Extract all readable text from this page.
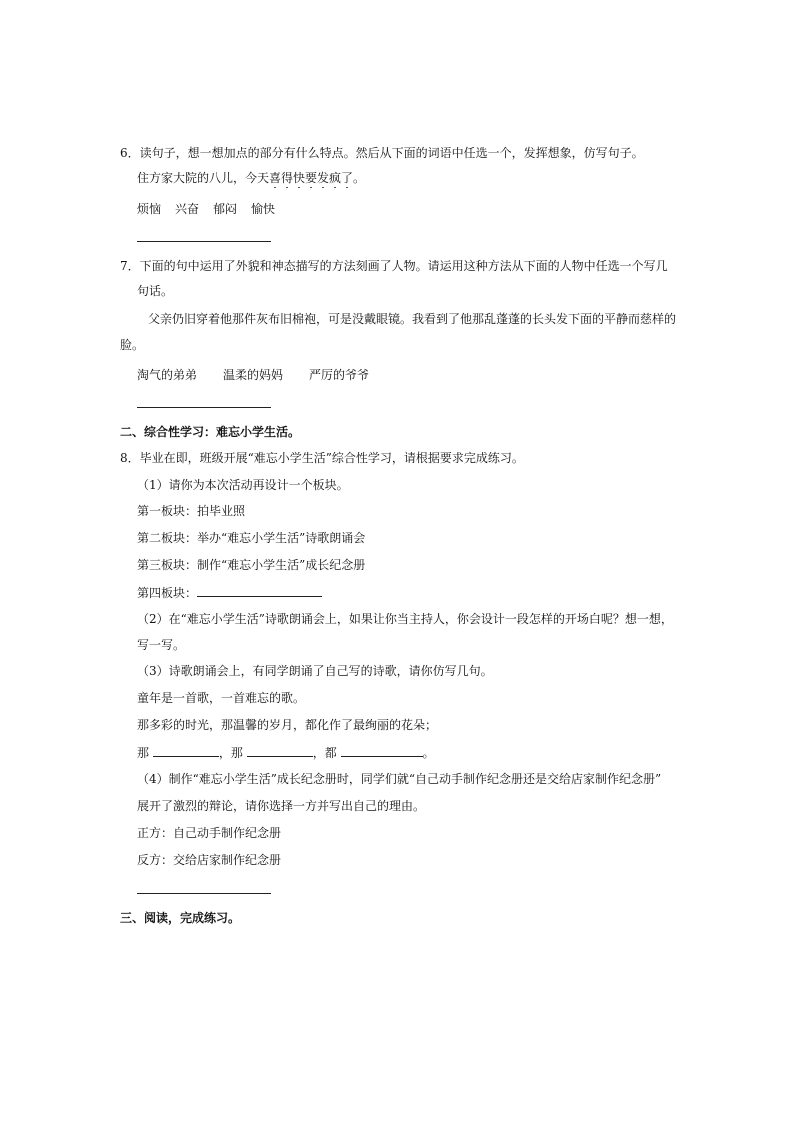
6．读句子，想一想加点的部分有什么特点。然后从下面的词语中任选一个，发挥想象，仿写句子。

住方家大院的八儿，今天喜得快要发疯了。

烦恼 兴奋 郁闷 愉快

7．下面的句中运用了外貌和神态描写的方法刻画了人物。请运用这种方法从下面的人物中任选一个写几

句话。

父亲仍旧穿着他那件灰布旧棉袍，可是没戴眼镜。我看到了他那乱蓬蓬的长头发下面的平静而慈样的

脸。

淘气的弟弟 温柔的妈妈 严厉的爷爷

二、综合性学习：难忘小学生活。

8．毕业在即，班级开展“难忘小学生活”综合性学习，请根据要求完成练习。

（1）请你为本次活动再设计一个板块。

第一板块：拍毕业照

第二板块：举办“难忘小学生活”诗歌朗诵会

第三板块：制作“难忘小学生活”成长纪念册

第四板块：

（2）在“难忘小学生活”诗歌朗诵会上，如果让你当主持人，你会设计一段怎样的开场白呢？想一想，

写一写。

（3）诗歌朗诵会上，有同学朗诵了自己写的诗歌，请你仿写几句。

童年是一首歌，一首难忘的歌。

那多彩的时光，那温馨的岁月，都化作了最绚丽的花朵；

那	，那	，都	。

（4）制作“难忘小学生活”成长纪念册时，同学们就“自己动手制作纪念册还是交给店家制作纪念册”

展开了激烈的辩论，请你选择一方并写出自己的理由。

正方：自己动手制作纪念册

反方：交给店家制作纪念册

三、阅读，完成练习。
